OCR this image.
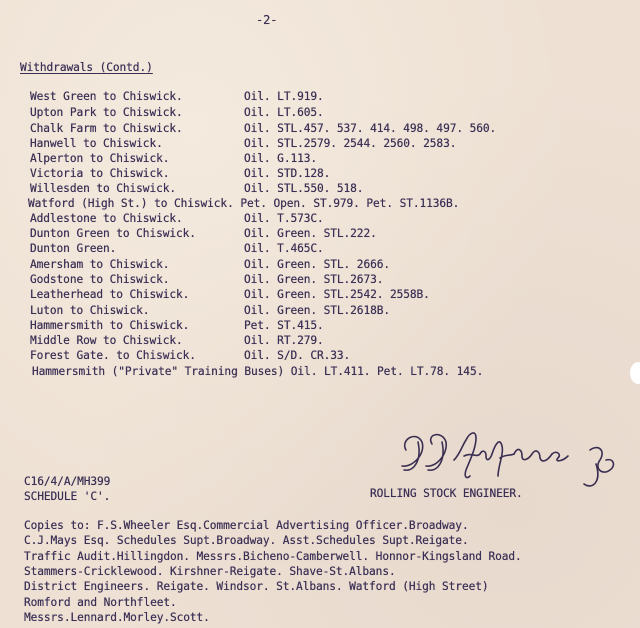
-2-
Withdrawals (Contd.)
West Green to Chiswick.	Oil. LT.919.
Upton Park to Chiswick.	Oil. LT.605.
Chalk Farm to Chiswick.	Oil. STL.457. 537. 414. 498. 497. 560.
Hanwell to Chiswick.	Oil. STL.2579. 2544. 2560. 2583.
Alperton to Chiswick.	Oil. G.113.
Victoria to Chiswick.	Oil. STD.128.
Willesden to Chiswick.	Oil. STL.550. 518.
Watford (High St.) to Chiswick. Pet. Open. ST.979. Pet. ST.1136B.
Addlestone to Chiswick.	Oil. T.573C.
Dunton Green to Chiswick.	Oil. Green. STL.222.
Dunton Green.	Oil. T.465C.
Amersham to Chiswick.	Oil. Green. STL. 2666.
Godstone to Chiswick.	Oil. Green. STL.2673.
Leatherhead to Chiswick.	Oil. Green. STL.2542. 2558B.
Luton to Chiswick.	Oil. Green. STL.2618B.
Hammersmith to Chiswick.	Pet. ST.415.
Middle Row to Chiswick.	Oil. RT.279.
Forest Gate. to Chiswick.	Oil. S/D. CR.33.
Hammersmith ("Private" Training Buses) Oil. LT.411. Pet. LT.78. 145.
C16/4/A/MH399
SCHEDULE 'C'.	ROLLING STOCK ENGINEER.
Copies to: F.S.Wheeler Esq.Commercial Advertising Officer.Broadway.
C.J.Mays Esq. Schedules Supt.Broadway. Asst.Schedules Supt.Reigate.
Traffic Audit.Hillingdon. Messrs.Bicheno-Camberwell. Honnor-Kingsland Road.
Stammers-Cricklewood. Kirshner-Reigate. Shave-St.Albans.
District Engineers. Reigate. Windsor. St.Albans. Watford (High Street)
Romford and Northfleet.
Messrs.Lennard.Morley.Scott.
